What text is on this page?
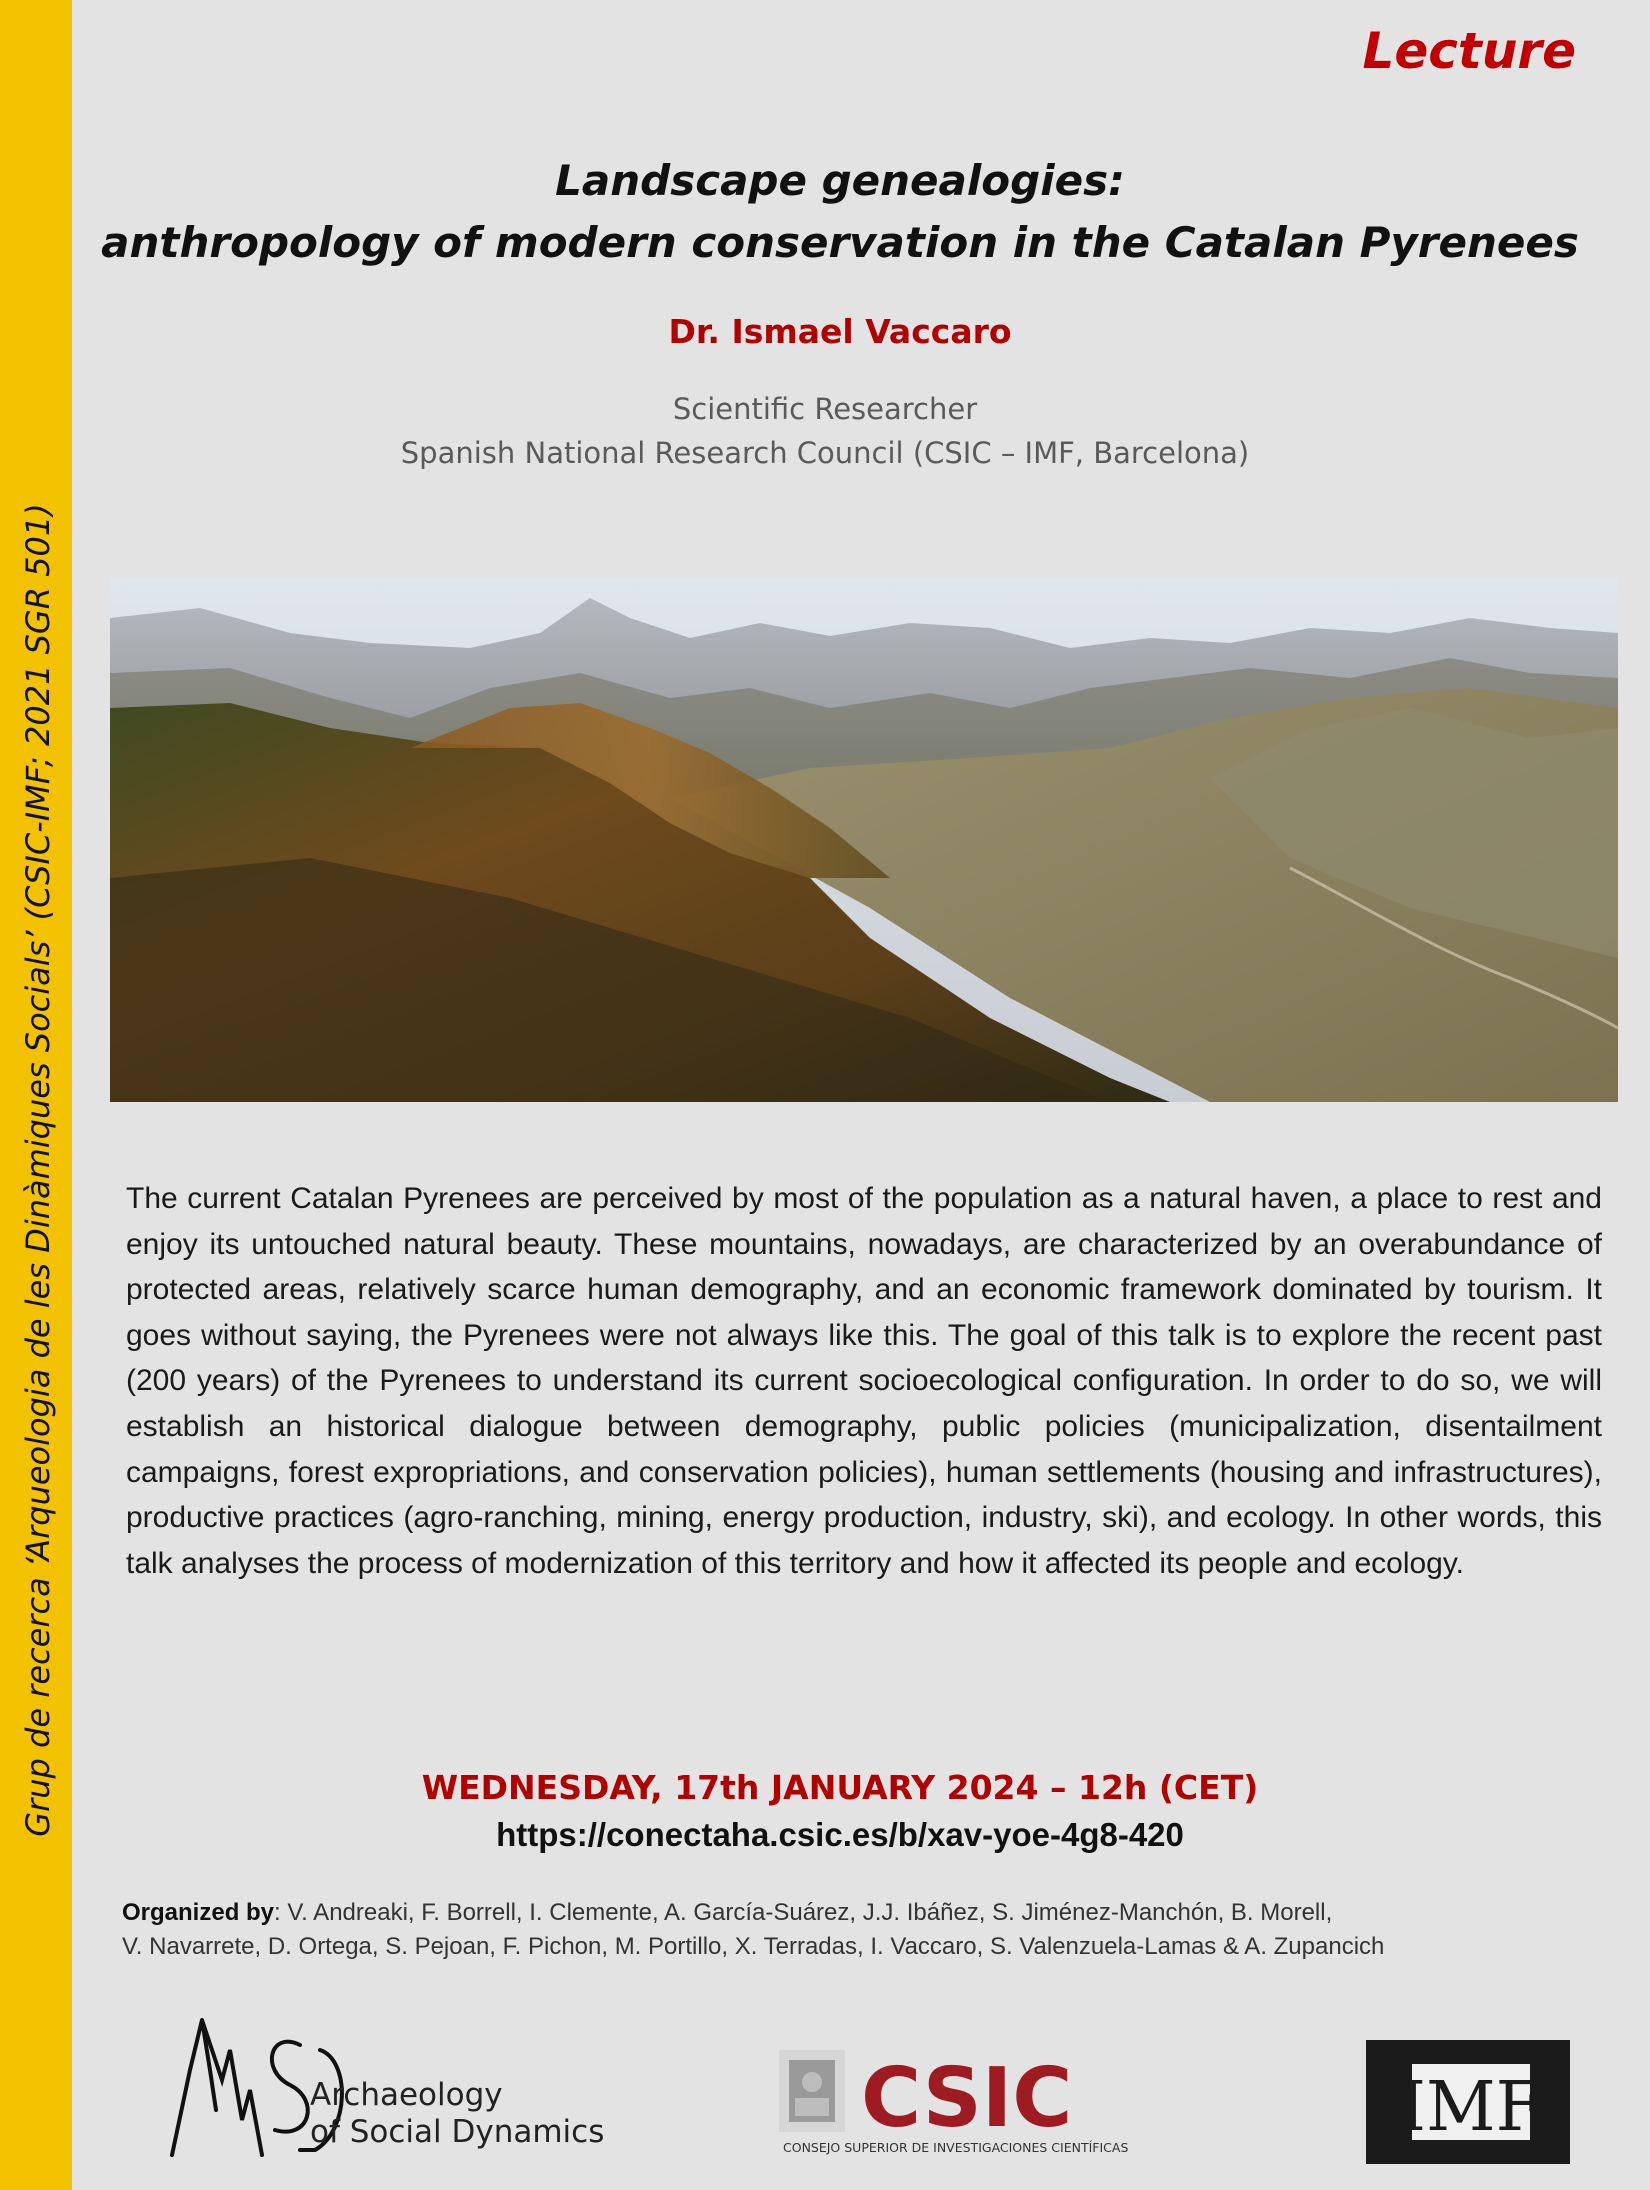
Grup de recerca ‘Arqueologia de les Dinàmiques Socials’ (CSIC-IMF; 2021 SGR 501)
Lecture
Landscape genealogies:
anthropology of modern conservation in the Catalan Pyrenees
Dr. Ismael Vaccaro
Scientific Researcher
Spanish National Research Council (CSIC – IMF, Barcelona)
The current Catalan Pyrenees are perceived by most of the population as a natural haven, a place to rest and enjoy its untouched natural beauty. These mountains, nowadays, are characterized by an overabundance of protected areas, relatively scarce human demography, and an economic framework dominated by tourism. It goes without saying, the Pyrenees were not always like this. The goal of this talk is to explore the recent past (200 years) of the Pyrenees to understand its current socioecological configuration. In order to do so, we will establish an historical dialogue between demography, public policies (municipalization, disentailment campaigns, forest expropriations, and conservation policies), human settlements (housing and infrastructures), productive practices (agro-ranching, mining, energy production, industry, ski), and ecology. In other words, this talk analyses the process of modernization of this territory and how it affected its people and ecology.
WEDNESDAY, 17th JANUARY 2024 – 12h (CET)
https://conectaha.csic.es/b/xav-yoe-4g8-420
Organized by: V. Andreaki, F. Borrell, I. Clemente, A. García-Suárez, J.J. Ibáñez, S. Jiménez-Manchón, B. Morell,
V. Navarrete, D. Ortega, S. Pejoan, F. Pichon, M. Portillo, X. Terradas, I. Vaccaro, S. Valenzuela-Lamas & A. Zupancich
Archaeology
of Social Dynamics	CSIC
CONSEJO SUPERIOR DE INVESTIGACIONES CIENTÍFICAS
IMF
